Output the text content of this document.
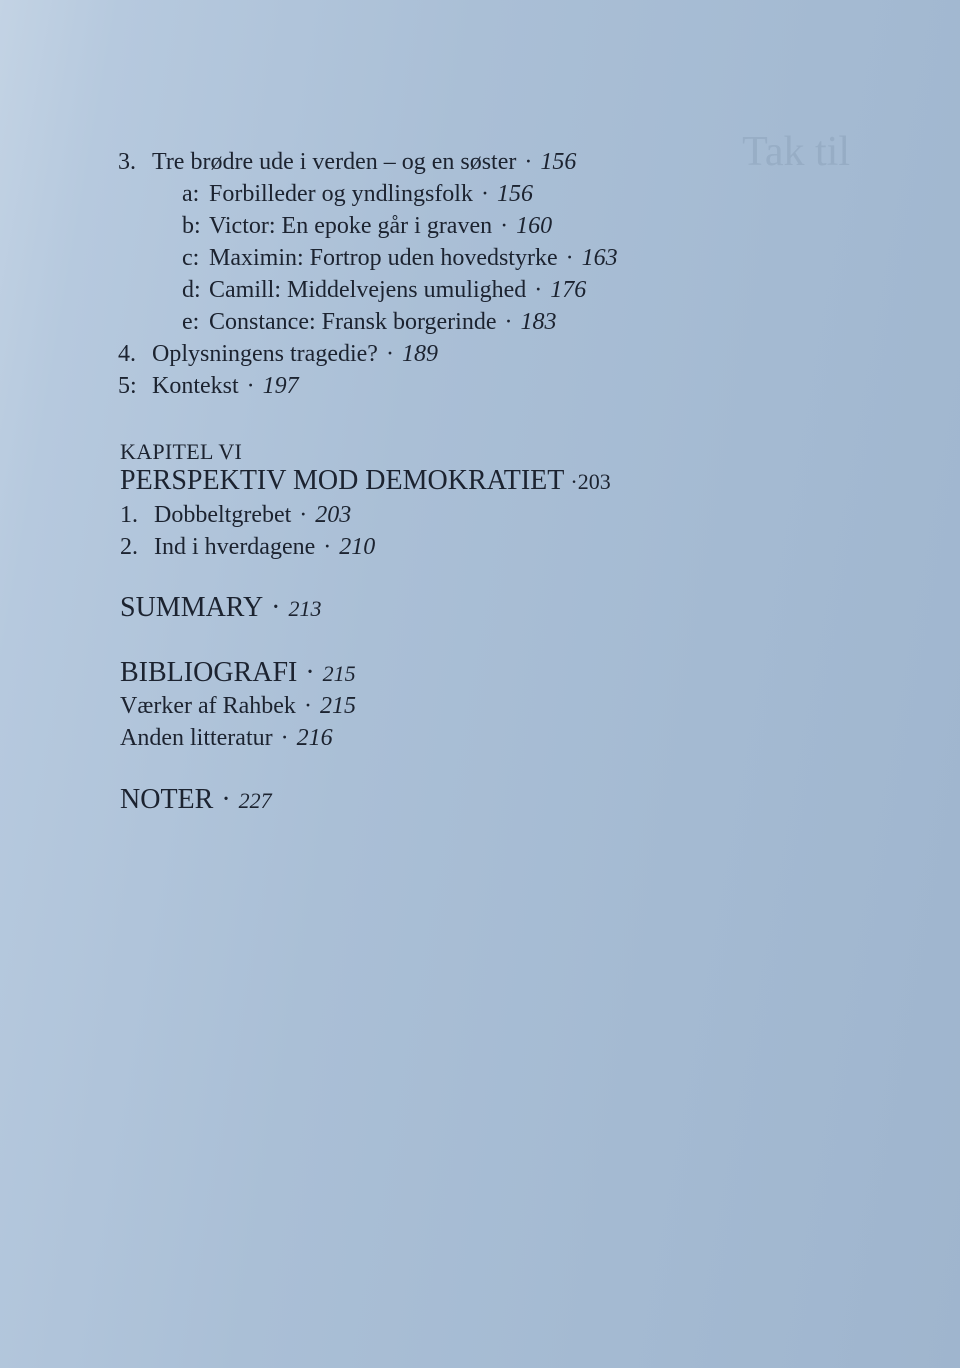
Tak til
3. Tre brødre ude i verden – og en søster · 156
a: Forbilleder og yndlingsfolk · 156
b: Victor: En epoke går i graven · 160
c: Maximin: Fortrop uden hovedstyrke · 163
d: Camill: Middelvejens umulighed · 176
e: Constance: Fransk borgerinde · 183
4. Oplysningens tragedie? · 189
5: Kontekst · 197
KAPITEL VI
PERSPEKTIV MOD DEMOKRATIET ·203
1. Dobbeltgrebet · 203
2. Ind i hverdagene · 210
SUMMARY · 213
BIBLIOGRAFI · 215
Værker af Rahbek · 215
Anden litteratur · 216
NOTER · 227
